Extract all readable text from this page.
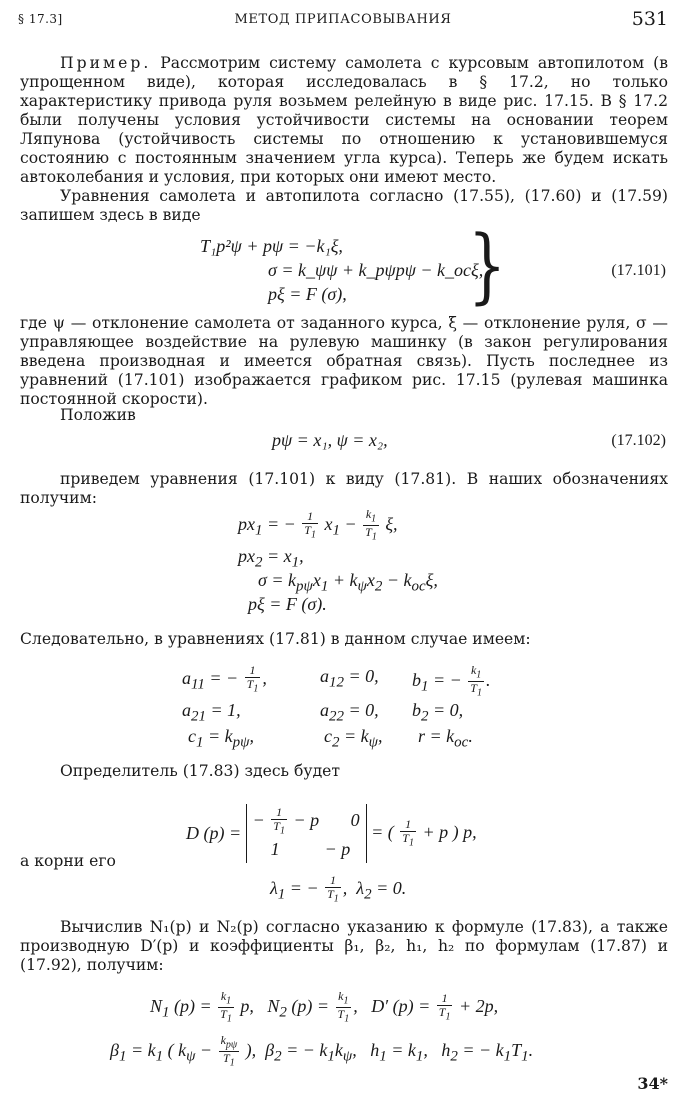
§ 17.3]	МЕТОД ПРИПАСОВЫВАНИЯ	531
Пример. Рассмотрим систему самолета с курсовым автопилотом (в упрощенном виде), которая исследовалась в § 17.2, но только характеристику привода руля возьмем релейную в виде рис. 17.15. В § 17.2 были получены условия устойчивости системы на основании теорем Ляпунова (устойчивость системы по отношению к установившемуся состоянию с постоянным значением угла курса). Теперь же будем искать автоколебания и условия, при которых они имеют место.
Уравнения самолета и автопилота согласно (17.55), (17.60) и (17.59) запишем здесь в виде
T₁p²ψ + pψ = −k₁ξ,
σ = k_ψψ + k_pψpψ − k_ocξ,
pξ = F (σ), }	(17.101)
где ψ — отклонение самолета от заданного курса, ξ — отклонение руля, σ — управляющее воздействие на рулевую машинку (в закон регулирования введена производная и имеется обратная связь). Пусть последнее из уравнений (17.101) изображается графиком рис. 17.15 (рулевая машинка постоянной скорости).
Положив
pψ = x₁, ψ = x₂,	(17.102)
приведем уравнения (17.101) к виду (17.81). В наших обозначениях получим:
$px_1$ = − $\frac{1}{T_1} x_1 - \frac{k_1}{T_1} \xi$,
$px_2 = x_1$,
$\sigma = k_{p\psi}x_1 + k_\psi x_2 - k_{oc}\xi$,
pξ = F (σ).
Следовательно, в уравнениях (17.81) в данном случае имеем:
$a_{11}$ = − $\frac{1}{T_1}$ ,	$a_{12} = 0$, $b_1$ = − $\frac{k_1}{T_1}$ .
$a_{21} = 1$,	$a_{22} = 0$, $b_2 = 0$,
$c_1 = k_{p\psi}$,	$c_2 = k_\psi$, $r = k_{oc}$.
Определитель (17.83) здесь будет
D (p) =
− $\frac{1}{T_1} - p$       0
1          − p
= ( $\frac{1}{T_1} + p$ ) p,
а корни его
$\lambda_1$ = − $\frac{1}{T_1}$ ,  $\lambda_2 = 0$.
Вычислив N₁(p) и N₂(p) согласно указанию к формуле (17.83), а также производную D′(p) и коэффициенты β₁, β₂, h₁, h₂ по формулам (17.87) и (17.92), получим:
$N_1$ $(p) = \frac{k_1}{T_1} p$,   $N_2$ $(p) = \frac{k_1}{T_1}$ ,   D′ $(p) = \frac{1}{T_1} + 2p$,
$\beta_1 = k_1$ ( $k_\psi - \frac{k_{p\psi}}{T_1}$ ),  $\beta_2$ = − $k_1k_\psi$,   $h_1 = k_1$,   $h_2$ = − $k_1T_1$.
34*
